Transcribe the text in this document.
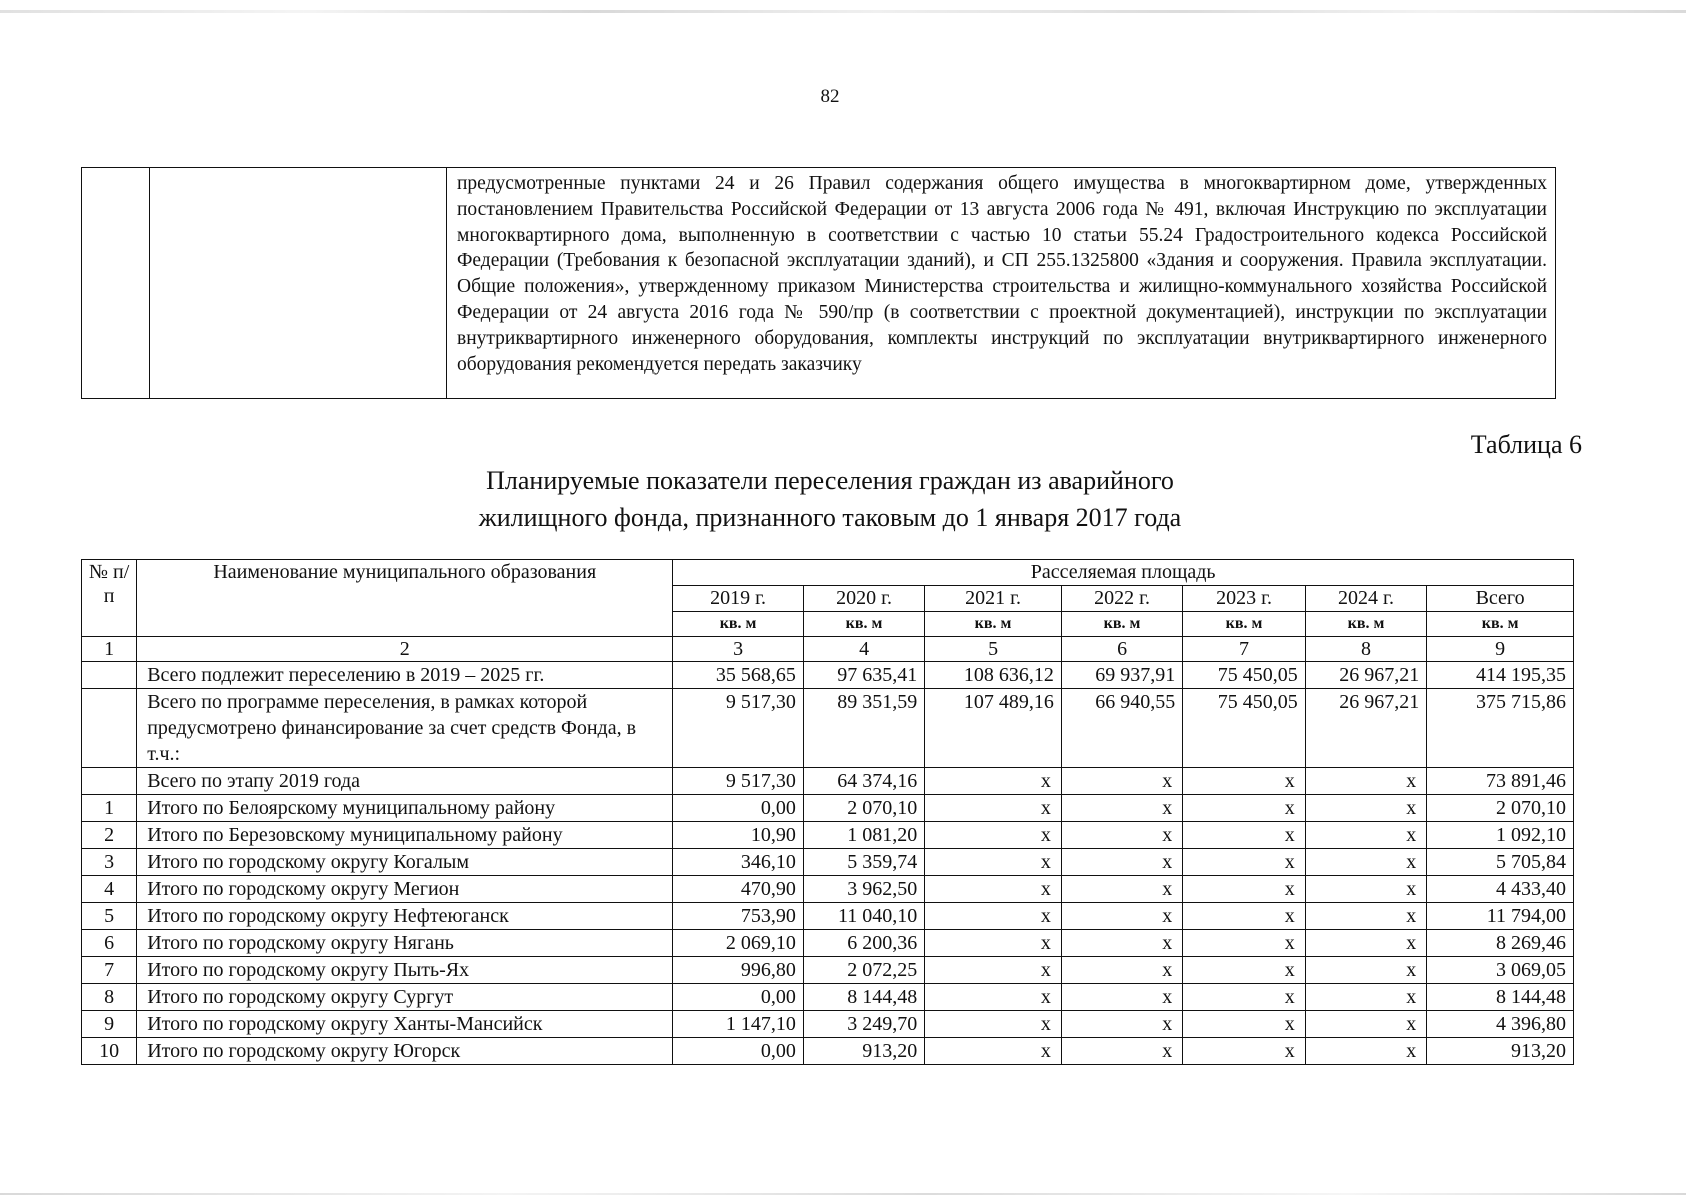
82

предусмотренные пунктами 24 и 26 Правил содержания общего имущества в многоквартирном доме, утвержденных постановлением Правительства Российской Федерации от 13 августа 2006 года № 491, включая Инструкцию по эксплуатации многоквартирного дома, выполненную в соответствии с частью 10 статьи 55.24 Градостроительного кодекса Российской Федерации (Требования к безопасной эксплуатации зданий), и СП 255.1325800 «Здания и сооружения. Правила эксплуатации. Общие положения», утвержденному приказом Министерства строительства и жилищно-коммунального хозяйства Российской Федерации от 24 августа 2016 года № 590/пр (в соответствии с проектной документацией), инструкции по эксплуатации внутриквартирного инженерного оборудования, комплекты инструкций по эксплуатации внутриквартирного инженерного оборудования рекомендуется передать заказчику
Таблица 6
Планируемые показатели переселения граждан из аварийного
жилищного фонда, признанного таковым до 1 января 2017 года
№ п/п	Наименование муниципального образования	Расселяемая площадь						
		2019 г.	2020 г.	2021 г.	2022 г.	2023 г.	2024 г.	Всего
		кв. м	кв. м	кв. м	кв. м	кв. м	кв. м	кв. м
1	2	3	4	5	6	7	8	9
	Всего подлежит переселению в 2019 – 2025 гг.	35 568,65	97 635,41	108 636,12	69 937,91	75 450,05	26 967,21	414 195,35
	Всего по программе переселения, в рамках которой предусмотрено финансирование за счет средств Фонда, в т.ч.:	9 517,30	89 351,59	107 489,16	66 940,55	75 450,05	26 967,21	375 715,86
	Всего по этапу 2019 года	9 517,30	64 374,16	х	х	х	х	73 891,46
1	Итого по Белоярскому муниципальному району	0,00	2 070,10	х	х	х	х	2 070,10
2	Итого по Березовскому муниципальному району	10,90	1 081,20	х	х	х	х	1 092,10
3	Итого по городскому округу Когалым	346,10	5 359,74	х	х	х	х	5 705,84
4	Итого по городскому округу Мегион	470,90	3 962,50	х	х	х	х	4 433,40
5	Итого по городскому округу Нефтеюганск	753,90	11 040,10	х	х	х	х	11 794,00
6	Итого по городскому округу Нягань	2 069,10	6 200,36	х	х	х	х	8 269,46
7	Итого по городскому округу Пыть-Ях	996,80	2 072,25	х	х	х	х	3 069,05
8	Итого по городскому округу Сургут	0,00	8 144,48	х	х	х	х	8 144,48
9	Итого по городскому округу Ханты-Мансийск	1 147,10	3 249,70	х	х	х	х	4 396,80
10	Итого по городскому округу Югорск	0,00	913,20	х	х	х	х	913,20
